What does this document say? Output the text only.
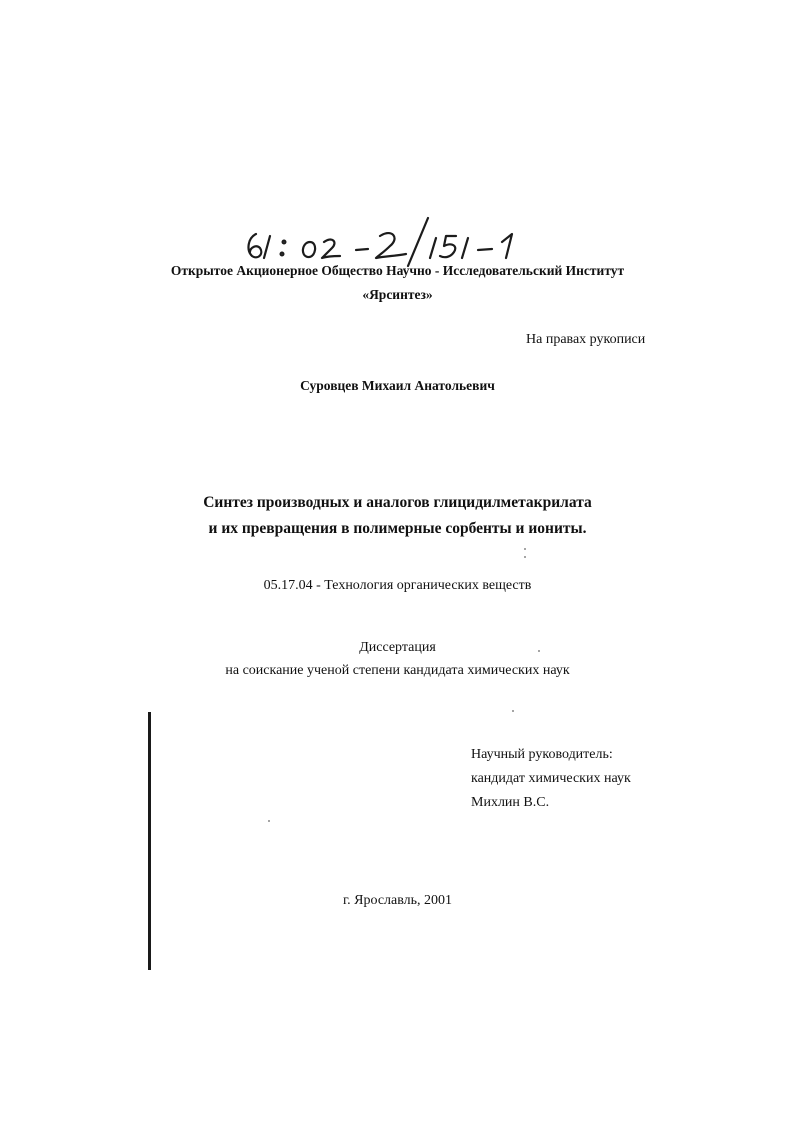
Открытое Акционерное Общество Научно - Исследовательский Институт
«Ярсинтез»
На правах рукописи
Суровцев Михаил Анатольевич
Синтез производных и аналогов глицидилметакрилата
и их превращения в полимерные сорбенты и иониты.
05.17.04 - Технология органических веществ
Диссертация
на соискание ученой степени кандидата химических наук
Научный руководитель:
кандидат химических наук
Михлин В.С.
г. Ярославль, 2001
